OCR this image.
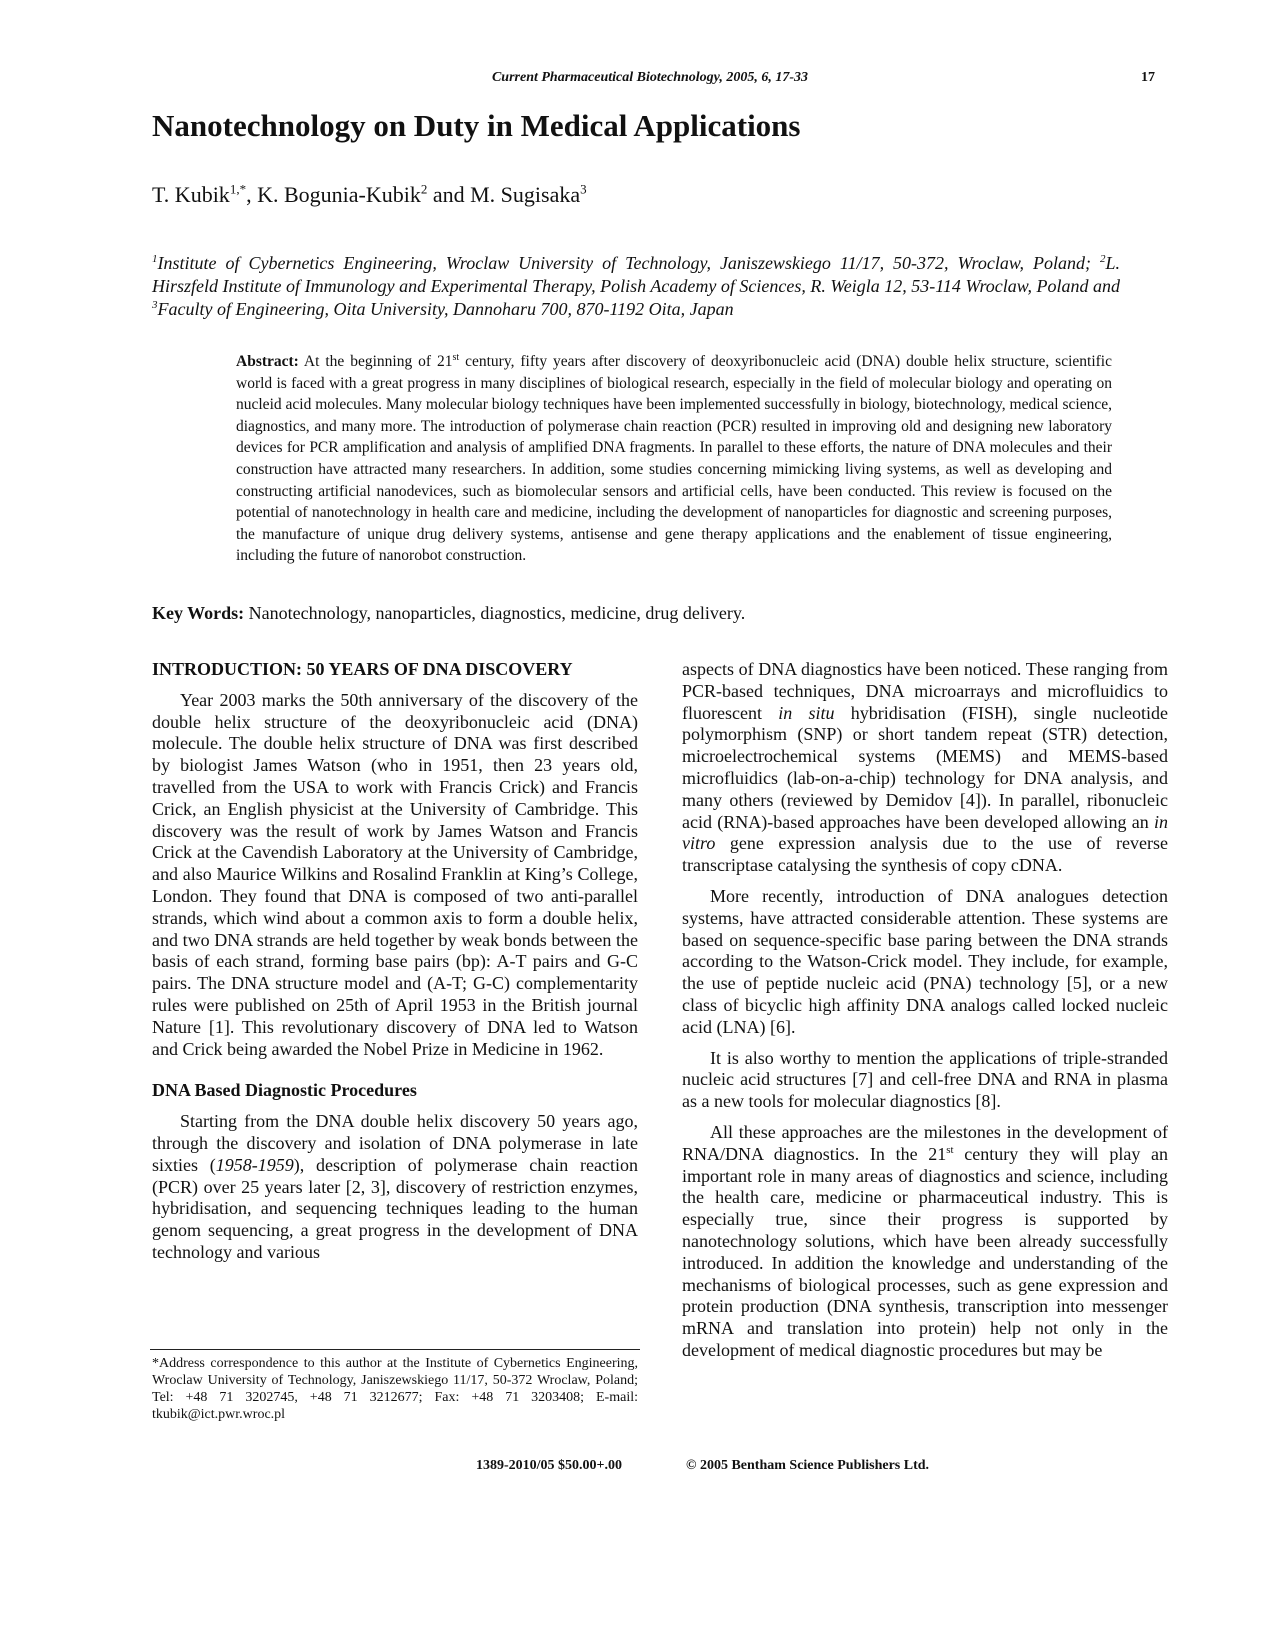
Current Pharmaceutical Biotechnology, 2005, 6, 17-33	17
Nanotechnology on Duty in Medical Applications
T. Kubik$^{1,*}$, K. Bogunia-Kubik$^2$ and M. Sugisaka$^3$
$^1$Institute of Cybernetics Engineering, Wroclaw University of Technology, Janiszewskiego 11/17, 50-372, Wroclaw, Poland; $^2$L. Hirszfeld Institute of Immunology and Experimental Therapy, Polish Academy of Sciences, R. Weigla 12, 53-114 Wroclaw, Poland and $^3$Faculty of Engineering, Oita University, Dannoharu 700, 870-1192 Oita, Japan
Abstract: At the beginning of 21st century, fifty years after discovery of deoxyribonucleic acid (DNA) double helix structure, scientific world is faced with a great progress in many disciplines of biological research, especially in the field of molecular biology and operating on nucleid acid molecules. Many molecular biology techniques have been implemented successfully in biology, biotechnology, medical science, diagnostics, and many more. The introduction of polymerase chain reaction (PCR) resulted in improving old and designing new laboratory devices for PCR amplification and analysis of amplified DNA fragments. In parallel to these efforts, the nature of DNA molecules and their construction have attracted many researchers. In addition, some studies concerning mimicking living systems, as well as developing and constructing artificial nanodevices, such as biomolecular sensors and artificial cells, have been conducted. This review is focused on the potential of nanotechnology in health care and medicine, including the development of nanoparticles for diagnostic and screening purposes, the manufacture of unique drug delivery systems, antisense and gene therapy applications and the enablement of tissue engineering, including the future of nanorobot construction.
Key Words: Nanotechnology, nanoparticles, diagnostics, medicine, drug delivery.
INTRODUCTION: 50 YEARS OF DNA DISCOVERY

Year 2003 marks the 50th anniversary of the discovery of the double helix structure of the deoxyribonucleic acid (DNA) molecule. The double helix structure of DNA was first described by biologist James Watson (who in 1951, then 23 years old, travelled from the USA to work with Francis Crick) and Francis Crick, an English physicist at the University of Cambridge. This discovery was the result of work by James Watson and Francis Crick at the Cavendish Laboratory at the University of Cambridge, and also Maurice Wilkins and Rosalind Franklin at King’s College, London. They found that DNA is composed of two anti-parallel strands, which wind about a common axis to form a double helix, and two DNA strands are held together by weak bonds between the basis of each strand, forming base pairs (bp): A-T pairs and G-C pairs. The DNA structure model and (A-T; G-C) complementarity rules were published on 25th of April 1953 in the British journal Nature [1]. This revolutionary discovery of DNA led to Watson and Crick being awarded the Nobel Prize in Medicine in 1962.

DNA Based Diagnostic Procedures

Starting from the DNA double helix discovery 50 years ago, through the discovery and isolation of DNA polymerase in late sixties (1958-1959), description of polymerase chain reaction (PCR) over 25 years later [2, 3], discovery of restriction enzymes, hybridisation, and sequencing techniques leading to the human genom sequencing, a great progress in the development of DNA technology and various

*Address correspondence to this author at the Institute of Cybernetics Engineering, Wroclaw University of Technology, Janiszewskiego 11/17, 50-372 Wroclaw, Poland; Tel: +48 71 3202745, +48 71 3212677; Fax: +48 71 3203408; E-mail: tkubik@ict.pwr.wroc.pl

aspects of DNA diagnostics have been noticed. These ranging from PCR-based techniques, DNA microarrays and microfluidics to fluorescent in situ hybridisation (FISH), single nucleotide polymorphism (SNP) or short tandem repeat (STR) detection, microelectrochemical systems (MEMS) and MEMS-based microfluidics (lab-on-a-chip) technology for DNA analysis, and many others (reviewed by Demidov [4]). In parallel, ribonucleic acid (RNA)-based approaches have been developed allowing an in vitro gene expression analysis due to the use of reverse transcriptase catalysing the synthesis of copy cDNA.

More recently, introduction of DNA analogues detection systems, have attracted considerable attention. These systems are based on sequence-specific base paring between the DNA strands according to the Watson-Crick model. They include, for example, the use of peptide nucleic acid (PNA) technology [5], or a new class of bicyclic high affinity DNA analogs called locked nucleic acid (LNA) [6].

It is also worthy to mention the applications of triple-stranded nucleic acid structures [7] and cell-free DNA and RNA in plasma as a new tools for molecular diagnostics [8].

All these approaches are the milestones in the development of RNA/DNA diagnostics. In the 21st century they will play an important role in many areas of diagnostics and science, including the health care, medicine or pharmaceutical industry. This is especially true, since their progress is supported by nanotechnology solutions, which have been already successfully introduced. In addition the knowledge and understanding of the mechanisms of biological processes, such as gene expression and protein production (DNA synthesis, transcription into messenger mRNA and translation into protein) help not only in the development of medical diagnostic procedures but may be

1389-2010/05 $50.00+.00	© 2005 Bentham Science Publishers Ltd.
